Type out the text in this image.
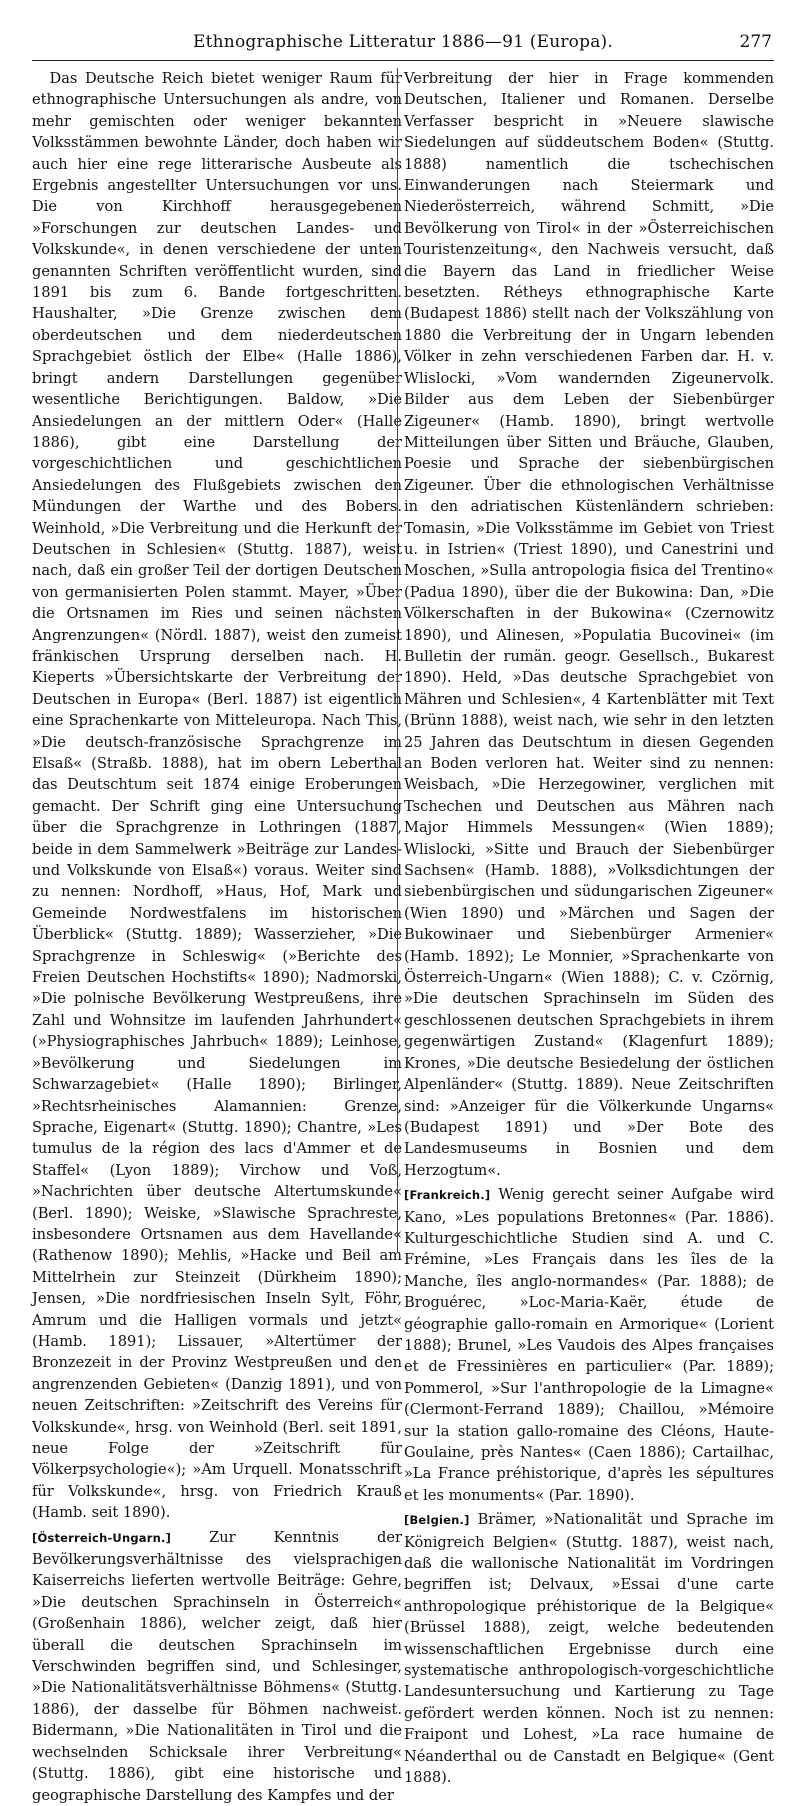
Ethnographische Litteratur 1886—91 (Europa).	277

Das Deutsche Reich bietet weniger Raum für ethnographische Untersuchungen als andre, von mehr gemischten oder weniger bekannten Volksstämmen bewohnte Länder, doch haben wir auch hier eine rege litterarische Ausbeute als Ergebnis angestellter Untersuchungen vor uns. Die von Kirchhoff herausgegebenen »Forschungen zur deutschen Landes- und Volkskunde«, in denen verschiedene der unten genannten Schriften veröffentlicht wurden, sind 1891 bis zum 6. Bande fortgeschritten. Haushalter, »Die Grenze zwischen dem oberdeutschen und dem niederdeutschen Sprachgebiet östlich der Elbe« (Halle 1886), bringt andern Darstellungen gegenüber wesentliche Berichtigungen. Baldow, »Die Ansiedelungen an der mittlern Oder« (Halle 1886), gibt eine Darstellung der vorgeschichtlichen und geschichtlichen Ansiedelungen des Flußgebiets zwischen den Mündungen der Warthe und des Bobers. Weinhold, »Die Verbreitung und die Herkunft der Deutschen in Schlesien« (Stuttg. 1887), weist nach, daß ein großer Teil der dortigen Deutschen von germanisierten Polen stammt. Mayer, »Über die Ortsnamen im Ries und seinen nächsten Angrenzungen« (Nördl. 1887), weist den zumeist fränkischen Ursprung derselben nach. H. Kieperts »Übersichtskarte der Verbreitung der Deutschen in Europa« (Berl. 1887) ist eigentlich eine Sprachenkarte von Mitteleuropa. Nach This, »Die deutsch-französische Sprachgrenze im Elsaß« (Straßb. 1888), hat im obern Leberthal das Deutschtum seit 1874 einige Eroberungen gemacht. Der Schrift ging eine Untersuchung über die Sprachgrenze in Lothringen (1887, beide in dem Sammelwerk »Beiträge zur Landes- und Volkskunde von Elsaß«) voraus. Weiter sind zu nennen: Nordhoff, »Haus, Hof, Mark und Gemeinde Nordwestfalens im historischen Überblick« (Stuttg. 1889); Wasserzieher, »Die Sprachgrenze in Schleswig« (»Berichte des Freien Deutschen Hochstifts« 1890); Nadmorski, »Die polnische Bevölkerung Westpreußens, ihre Zahl und Wohnsitze im laufenden Jahrhundert« (»Physiographisches Jahrbuch« 1889); Leinhose, »Bevölkerung und Siedelungen im Schwarzagebiet« (Halle 1890); Birlinger, »Rechtsrheinisches Alamannien: Grenze, Sprache, Eigenart« (Stuttg. 1890); Chantre, »Les tumulus de la région des lacs d'Ammer et de Staffel« (Lyon 1889); Virchow und Voß, »Nachrichten über deutsche Altertumskunde« (Berl. 1890); Weiske, »Slawische Sprachreste, insbesondere Ortsnamen aus dem Havellande« (Rathenow 1890); Mehlis, »Hacke und Beil am Mittelrhein zur Steinzeit (Dürkheim 1890); Jensen, »Die nordfriesischen Inseln Sylt, Föhr, Amrum und die Halligen vormals und jetzt« (Hamb. 1891); Lissauer, »Altertümer der Bronzezeit in der Provinz Westpreußen und den angrenzenden Gebieten« (Danzig 1891), und von neuen Zeitschriften: »Zeitschrift des Vereins für Volkskunde«, hrsg. von Weinhold (Berl. seit 1891, neue Folge der »Zeitschrift für Völkerpsychologie«); »Am Urquell. Monatsschrift für Volkskunde«, hrsg. von Friedrich Krauß (Hamb. seit 1890).

[Österreich-Ungarn.] Zur Kenntnis der Bevölkerungsverhältnisse des vielsprachigen Kaiserreichs lieferten wertvolle Beiträge: Gehre, »Die deutschen Sprachinseln in Österreich« (Großenhain 1886), welcher zeigt, daß hier überall die deutschen Sprachinseln im Verschwinden begriffen sind, und Schlesinger, »Die Nationalitätsverhältnisse Böhmens« (Stuttg. 1886), der dasselbe für Böhmen nachweist. Bidermann, »Die Nationalitäten in Tirol und die wechselnden Schicksale ihrer Verbreitung« (Stuttg. 1886), gibt eine historische und geographische Darstellung des Kampfes und der

Verbreitung der hier in Frage kommenden Deutschen, Italiener und Romanen. Derselbe Verfasser bespricht in »Neuere slawische Siedelungen auf süddeutschem Boden« (Stuttg. 1888) namentlich die tschechischen Einwanderungen nach Steiermark und Niederösterreich, während Schmitt, »Die Bevölkerung von Tirol« in der »Österreichischen Touristenzeitung«, den Nachweis versucht, daß die Bayern das Land in friedlicher Weise besetzten. Rétheys ethnographische Karte (Budapest 1886) stellt nach der Volkszählung von 1880 die Verbreitung der in Ungarn lebenden Völker in zehn verschiedenen Farben dar. H. v. Wlislocki, »Vom wandernden Zigeunervolk. Bilder aus dem Leben der Siebenbürger Zigeuner« (Hamb. 1890), bringt wertvolle Mitteilungen über Sitten und Bräuche, Glauben, Poesie und Sprache der siebenbürgischen Zigeuner. Über die ethnologischen Verhältnisse in den adriatischen Küstenländern schrieben: Tomasin, »Die Volksstämme im Gebiet von Triest u. in Istrien« (Triest 1890), und Canestrini und Moschen, »Sulla antropologia fisica del Trentino« (Padua 1890), über die der Bukowina: Dan, »Die Völkerschaften in der Bukowina« (Czernowitz 1890), und Alinesen, »Populatia Bucovinei« (im Bulletin der rumän. geogr. Gesellsch., Bukarest 1890). Held, »Das deutsche Sprachgebiet von Mähren und Schlesien«, 4 Kartenblätter mit Text (Brünn 1888), weist nach, wie sehr in den letzten 25 Jahren das Deutschtum in diesen Gegenden an Boden verloren hat. Weiter sind zu nennen: Weisbach, »Die Herzegowiner, verglichen mit Tschechen und Deutschen aus Mähren nach Major Himmels Messungen« (Wien 1889); Wlislocki, »Sitte und Brauch der Siebenbürger Sachsen« (Hamb. 1888), »Volksdichtungen der siebenbürgischen und südungarischen Zigeuner« (Wien 1890) und »Märchen und Sagen der Bukowinaer und Siebenbürger Armenier« (Hamb. 1892); Le Monnier, »Sprachenkarte von Österreich-Ungarn« (Wien 1888); C. v. Czörnig, »Die deutschen Sprachinseln im Süden des geschlossenen deutschen Sprachgebiets in ihrem gegenwärtigen Zustand« (Klagenfurt 1889); Krones, »Die deutsche Besiedelung der östlichen Alpenländer« (Stuttg. 1889). Neue Zeitschriften sind: »Anzeiger für die Völkerkunde Ungarns« (Budapest 1891) und »Der Bote des Landesmuseums in Bosnien und dem Herzogtum«.

[Frankreich.] Wenig gerecht seiner Aufgabe wird Kano, »Les populations Bretonnes« (Par. 1886). Kulturgeschichtliche Studien sind A. und C. Frémine, »Les Français dans les îles de la Manche, îles anglo-normandes« (Par. 1888); de Broguérec, »Loc-Maria-Kaër, étude de géographie gallo-romain en Armorique« (Lorient 1888); Brunel, »Les Vaudois des Alpes françaises et de Fressinières en particulier« (Par. 1889); Pommerol, »Sur l'anthropologie de la Limagne« (Clermont-Ferrand 1889); Chaillou, »Mémoire sur la station gallo-romaine des Cléons, Haute-Goulaine, près Nantes« (Caen 1886); Cartailhac, »La France préhistorique, d'après les sépultures et les monuments« (Par. 1890).

[Belgien.] Brämer, »Nationalität und Sprache im Königreich Belgien« (Stuttg. 1887), weist nach, daß die wallonische Nationalität im Vordringen begriffen ist; Delvaux, »Essai d'une carte anthropologique préhistorique de la Belgique« (Brüssel 1888), zeigt, welche bedeutenden wissenschaftlichen Ergebnisse durch eine systematische anthropologisch-vorgeschichtliche Landesuntersuchung und Kartierung zu Tage gefördert werden können. Noch ist zu nennen: Fraipont und Lohest, »La race humaine de Néanderthal ou de Canstadt en Belgique« (Gent 1888).
